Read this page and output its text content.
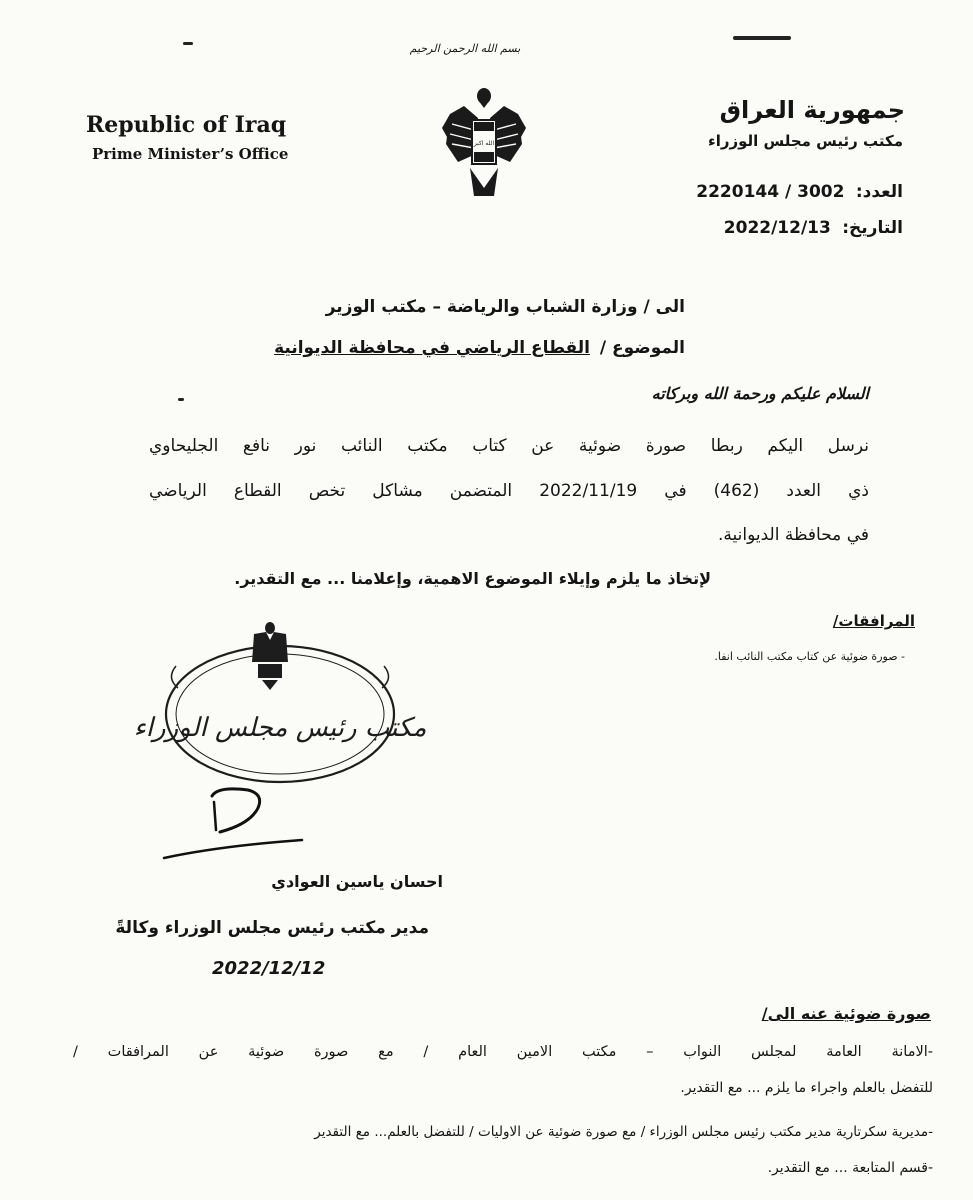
بسم الله الرحمن الرحيم
Republic of Iraq
Prime Minister’s Office
الله اكبر
جمهورية العراق
مكتب رئيس مجلس الوزراء
العدد: 2220144 / 3002
التاريخ: 2022/12/13
الى / وزارة الشباب والرياضة – مكتب الوزير
الموضوع / القطاع الرياضي في محافظة الديوانية
السلام عليكم ورحمة الله وبركاته
نرسل اليكم ربطا صورة ضوئية عن كتاب مكتب النائب نور نافع الجليحاوي
ذي العدد (462) في 2022/11/19 المتضمن مشاكل تخص القطاع الرياضي
في محافظة الديوانية.
لإتخاذ ما يلزم وإيلاء الموضوع الاهمية، وإعلامنا ... مع التقدير.
المرافقات/
- صورة ضوئية عن كتاب مكتب النائب انفا.
مكتب رئيس مجلس الوزراء
احسان ياسين العوادي
مدير مكتب رئيس مجلس الوزراء وكالةً
2022/12/12
صورة ضوئية عنه الى/
-الامانة العامة لمجلس النواب – مكتب الامين العام / مع صورة ضوئية عن المرافقات /
للتفضل بالعلم واجراء ما يلزم ... مع التقدير.
-مديرية سكرتارية مدير مكتب رئيس مجلس الوزراء / مع صورة ضوئية عن الاوليات / للتفضل بالعلم... مع التقدير
-قسم المتابعة ... مع التقدير.
